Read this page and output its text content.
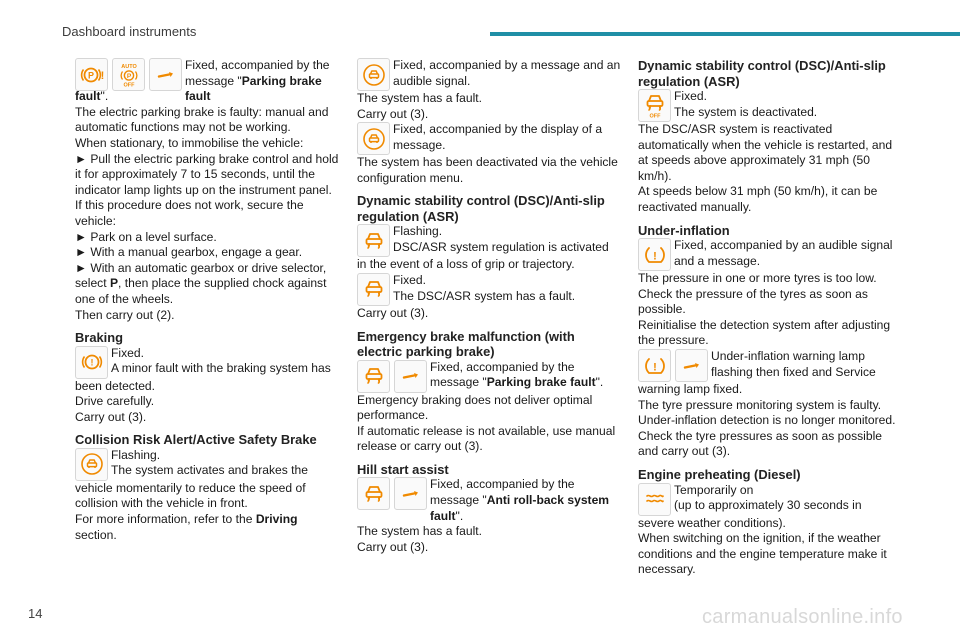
Dashboard instruments
P !
AUTO
P
OFF

Fixed, accompanied by the message "Parking brake fault

fault".

The electric parking brake is faulty: manual and automatic functions may not be working.

When stationary, to immobilise the vehicle:

► Pull the electric parking brake control and hold it for approximately 7 to 15 seconds, until the indicator lamp lights up on the instrument panel.

If this procedure does not work, secure the vehicle:

► Park on a level surface.

► With a manual gearbox, engage a gear.

► With an automatic gearbox or drive selector, select P, then place the supplied chock against one of the wheels.

Then carry out (2).

Braking

!

Fixed.
A minor fault with the braking system has

been detected.

Drive carefully.

Carry out (3).

Collision Risk Alert/Active Safety Brake

Flashing.
The system activates and brakes the

vehicle momentarily to reduce the speed of collision with the vehicle in front.

For more information, refer to the Driving section.

Fixed, accompanied by a message and an audible signal.

The system has a fault.

Carry out (3).

Fixed, accompanied by the display of a message.

The system has been deactivated via the vehicle configuration menu.

Dynamic stability control (DSC)/Anti-slip regulation (ASR)

Flashing.
DSC/ASR system regulation is activated

in the event of a loss of grip or trajectory.

Fixed.
The DSC/ASR system has a fault.

Carry out (3).

Emergency brake malfunction (with electric parking brake)

Fixed, accompanied by the message "Parking brake fault".

Emergency braking does not deliver optimal performance.

If automatic release is not available, use manual release or carry out (3).

Hill start assist

Fixed, accompanied by the message "Anti roll-back system fault".

The system has a fault.

Carry out (3).

Dynamic stability control (DSC)/Anti-slip regulation (ASR)

OFF

Fixed.
The system is deactivated.

The DSC/ASR system is reactivated automatically when the vehicle is restarted, and at speeds above approximately 31 mph (50 km/h).

At speeds below 31 mph (50 km/h), it can be reactivated manually.

Under-inflation

!

Fixed, accompanied by an audible signal and a message.

The pressure in one or more tyres is too low.

Check the pressure of the tyres as soon as possible.

Reinitialise the detection system after adjusting the pressure.

!

Under-inflation warning lamp flashing then fixed and Service

warning lamp fixed.

The tyre pressure monitoring system is faulty.

Under-inflation detection is no longer monitored.

Check the tyre pressures as soon as possible and carry out (3).

Engine preheating (Diesel)

Temporarily on
(up to approximately 30 seconds in

severe weather conditions).

When switching on the ignition, if the weather conditions and the engine temperature make it necessary.

14	carmanualsonline.info
